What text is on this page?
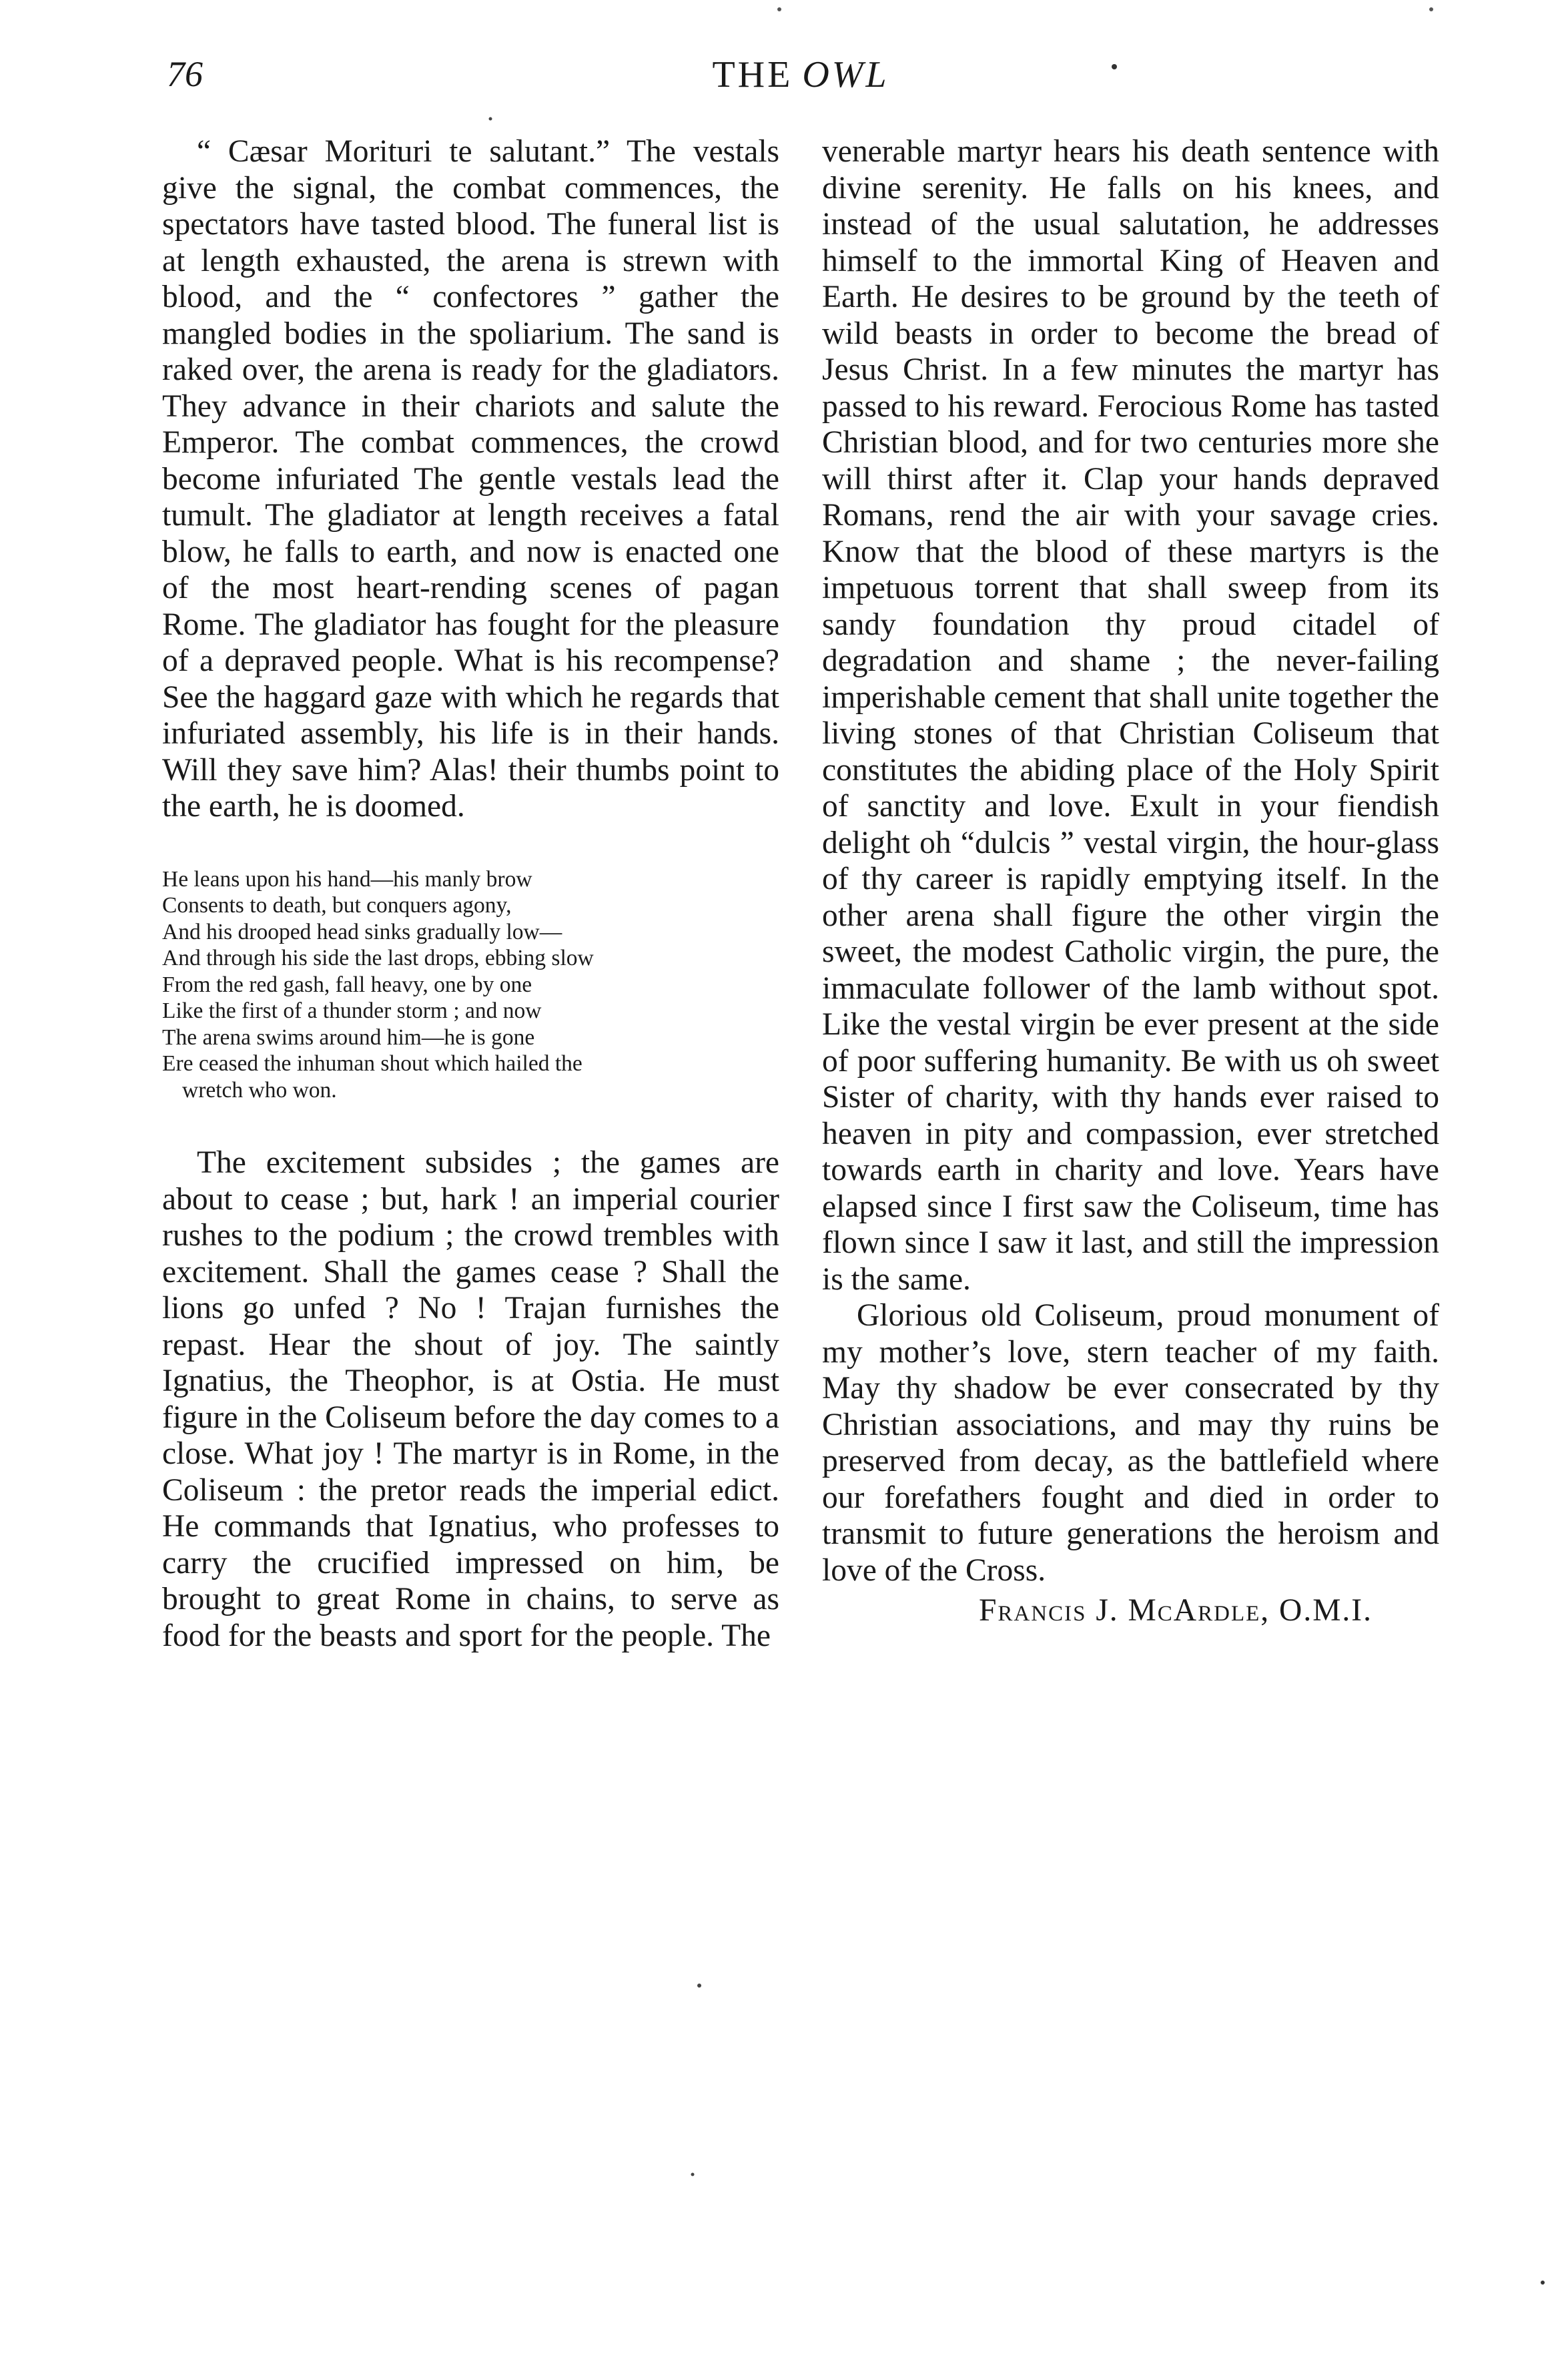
76	THE OWL

“ Cæsar Morituri te salutant.” The vestals give the signal, the combat commences, the spectators have tasted blood. The funeral list is at length exhausted, the arena is strewn with blood, and the “ confectores ” gather the mangled bodies in the spoliarium. The sand is raked over, the arena is ready for the gladiators. They advance in their chariots and salute the Emperor. The combat commences, the crowd become infuriated The gentle vestals lead the tumult. The gladiator at length receives a fatal blow, he falls to earth, and now is enacted one of the most heart-rending scenes of pagan Rome. The gladiator has fought for the pleasure of a depraved people. What is his recompense? See the haggard gaze with which he regards that infuriated assembly, his life is in their hands. Will they save him? Alas! their thumbs point to the earth, he is doomed.

He leans upon his hand—his manly brow
Consents to death, but conquers agony,
And his drooped head sinks gradually low—
And through his side the last drops, ebbing slow
From the red gash, fall heavy, one by one
Like the first of a thunder storm ; and now
The arena swims around him—he is gone
Ere ceased the inhuman shout which hailed the
wretch who won.

The excitement subsides ; the games are about to cease ; but, hark ! an imperial courier rushes to the podium ; the crowd trembles with excitement. Shall the games cease ? Shall the lions go unfed ? No ! Trajan furnishes the repast. Hear the shout of joy. The saintly Ignatius, the Theophor, is at Ostia. He must figure in the Coliseum before the day comes to a close. What joy ! The martyr is in Rome, in the Coliseum : the pretor reads the imperial edict. He commands that Ignatius, who professes to carry the crucified impressed on him, be brought to great Rome in chains, to serve as food for the beasts and sport for the people. The

venerable martyr hears his death sentence with divine serenity. He falls on his knees, and instead of the usual salutation, he addresses himself to the immortal King of Heaven and Earth. He desires to be ground by the teeth of wild beasts in order to become the bread of Jesus Christ. In a few minutes the martyr has passed to his reward. Ferocious Rome has tasted Christian blood, and for two centuries more she will thirst after it. Clap your hands depraved Romans, rend the air with your savage cries. Know that the blood of these martyrs is the impetuous torrent that shall sweep from its sandy foundation thy proud citadel of degradation and shame ; the never-failing imperishable cement that shall unite together the living stones of that Christian Coliseum that constitutes the abiding place of the Holy Spirit of sanctity and love. Exult in your fiendish delight oh “dulcis ” vestal virgin, the hour-glass of thy career is rapidly emptying itself. In the other arena shall figure the other virgin the sweet, the modest Catholic virgin, the pure, the immaculate follower of the lamb without spot. Like the vestal virgin be ever present at the side of poor suffering humanity. Be with us oh sweet Sister of charity, with thy hands ever raised to heaven in pity and compassion, ever stretched towards earth in charity and love. Years have elapsed since I first saw the Coliseum, time has flown since I saw it last, and still the impression is the same.

Glorious old Coliseum, proud monument of my mother’s love, stern teacher of my faith. May thy shadow be ever consecrated by thy Christian associations, and may thy ruins be preserved from decay, as the battlefield where our forefathers fought and died in order to transmit to future generations the heroism and love of the Cross.

Francis J. McArdle, O.M.I.
